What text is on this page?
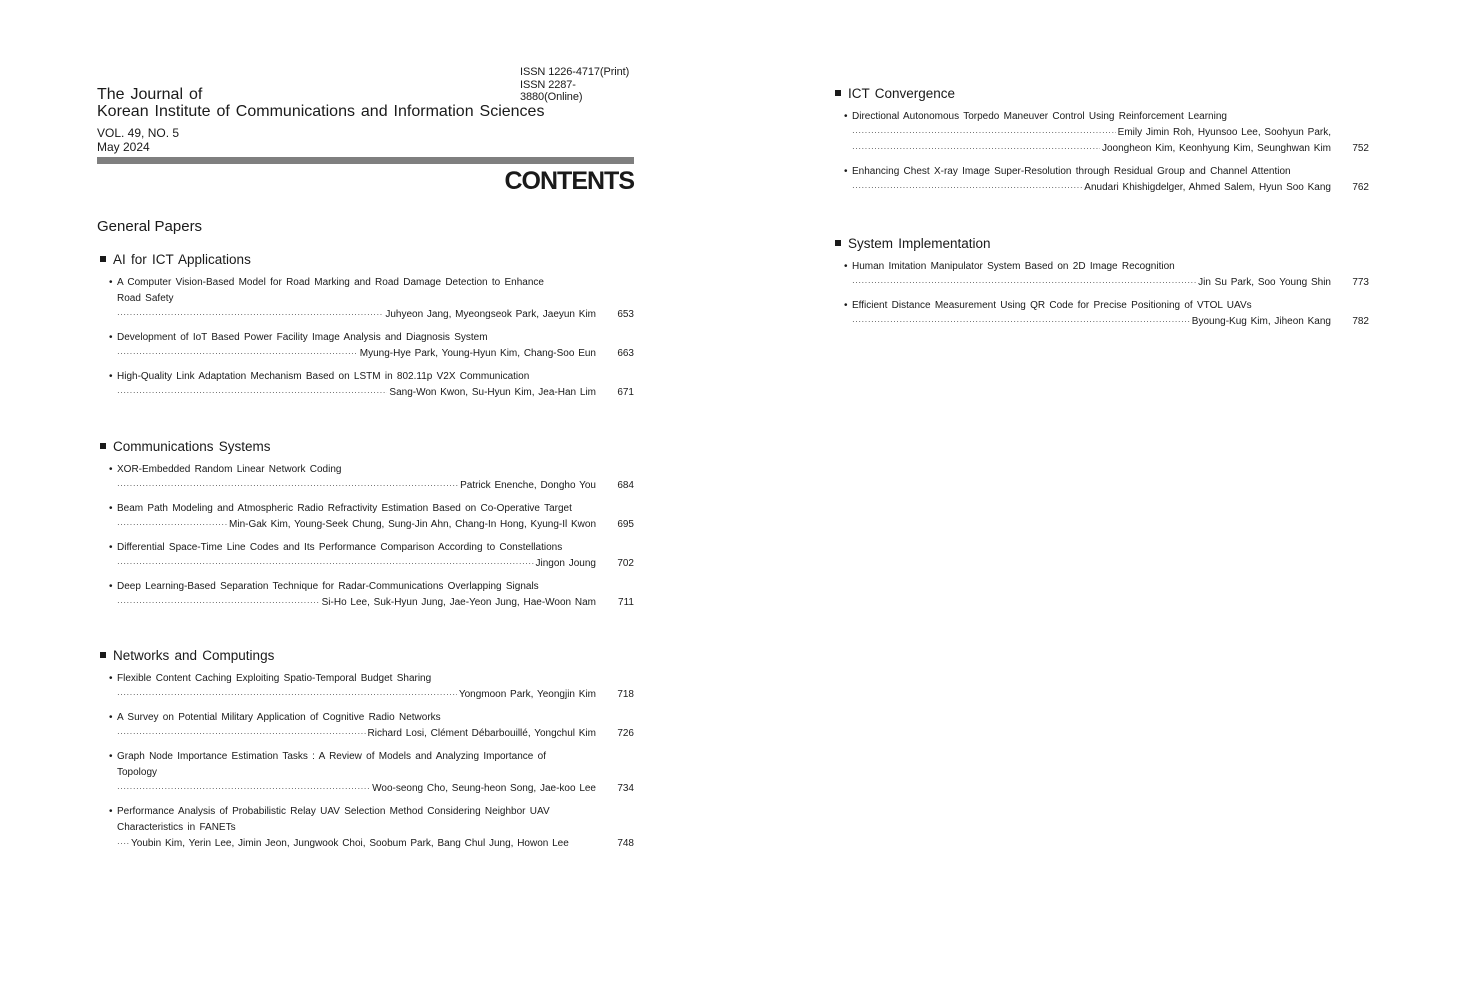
ISSN 1226-4717(Print)
ISSN 2287-3880(Online)
The Journal of
Korean Institute of Communications and Information Sciences
VOL. 49, NO. 5
May 2024
CONTENTS
General Papers
AI for ICT Applications
• A Computer Vision-Based Model for Road Marking and Road Damage Detection to Enhance
Road Safety
·····
Juhyeon Jang, Myeongseok Park, Jaeyun Kim	653
• Development of IoT Based Power Facility Image Analysis and Diagnosis System
·····
Myung-Hye Park, Young-Hyun Kim, Chang-Soo Eun	663
• High-Quality Link Adaptation Mechanism Based on LSTM in 802.11p V2X Communication
·····
Sang-Won Kwon, Su-Hyun Kim, Jea-Han Lim	671
Communications Systems
• XOR-Embedded Random Linear Network Coding
·····
Patrick Enenche, Dongho You	684
• Beam Path Modeling and Atmospheric Radio Refractivity Estimation Based on Co-Operative Target
·····
Min-Gak Kim, Young-Seek Chung, Sung-Jin Ahn, Chang-In Hong, Kyung-Il Kwon	695
• Differential Space-Time Line Codes and Its Performance Comparison According to Constellations
·····
Jingon Joung	702
• Deep Learning-Based Separation Technique for Radar-Communications Overlapping Signals
·····
Si-Ho Lee, Suk-Hyun Jung, Jae-Yeon Jung, Hae-Woon Nam	711
Networks and Computings
• Flexible Content Caching Exploiting Spatio-Temporal Budget Sharing
·····
Yongmoon Park, Yeongjin Kim	718
• A Survey on Potential Military Application of Cognitive Radio Networks
·····
Richard Losi, Clément Débarbouillé, Yongchul Kim	726
• Graph Node Importance Estimation Tasks : A Review of Models and Analyzing Importance of
Topology
·····
Woo-seong Cho, Seung-heon Song, Jae-koo Lee	734
• Performance Analysis of Probabilistic Relay UAV Selection Method Considering Neighbor UAV
Characteristics in FANETs
·····
Youbin Kim, Yerin Lee, Jimin Jeon, Jungwook Choi, Soobum Park, Bang Chul Jung, Howon Lee	748
ICT Convergence
• Directional Autonomous Torpedo Maneuver Control Using Reinforcement Learning
·····
Emily Jimin Roh, Hyunsoo Lee, Soohyun Park,
·····
Joongheon Kim, Keonhyung Kim, Seunghwan Kim	752
• Enhancing Chest X-ray Image Super-Resolution through Residual Group and Channel Attention
·····
Anudari Khishigdelger, Ahmed Salem, Hyun Soo Kang	762
System Implementation
• Human Imitation Manipulator System Based on 2D Image Recognition
·····
Jin Su Park, Soo Young Shin	773
• Efficient Distance Measurement Using QR Code for Precise Positioning of VTOL UAVs
·····
Byoung-Kug Kim, Jiheon Kang	782
